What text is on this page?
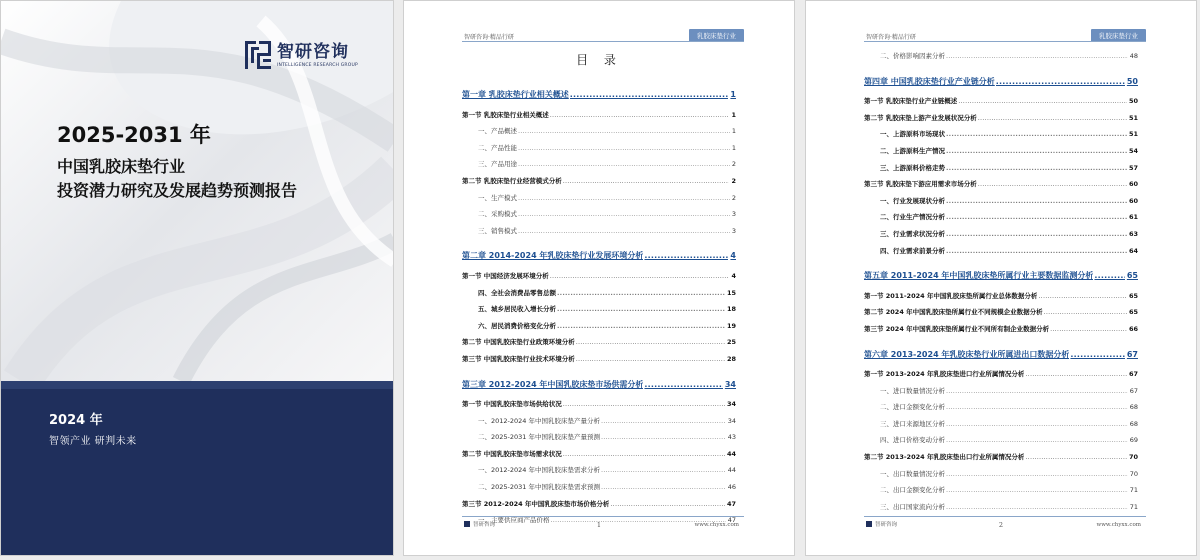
智研咨询
INTELLIGENCE RESEARCH GROUP
2025-2031 年
中国乳胶床垫行业
投资潜力研究及发展趋势预测报告
2024 年
智领产业 研判未来
智研咨询·精品行研	乳胶床垫行业
目 录
第一章 乳胶床垫行业相关概述 .....	1
第一节 乳胶床垫行业相关概述 .....	1
一、产品概述 .....	1
二、产品性能 .....	1
三、产品用途 .....	2
第二节 乳胶床垫行业经营模式分析 .....	2
一、生产模式 .....	2
二、采购模式 .....	3
三、销售模式 .....	3
第二章 2014-2024 年乳胶床垫行业发展环境分析 .....	4
第一节 中国经济发展环境分析 .....	4
四、全社会消费品零售总额 .....	15
五、城乡居民收入增长分析 .....	18
六、居民消费价格变化分析 .....	19
第二节 中国乳胶床垫行业政策环境分析 .....	25
第三节 中国乳胶床垫行业技术环境分析 .....	28
第三章 2012-2024 年中国乳胶床垫市场供需分析 .....	34
第一节 中国乳胶床垫市场供给状况 .....	34
一、2012-2024 年中国乳胶床垫产量分析 .....	34
二、2025-2031 年中国乳胶床垫产量预测 .....	43
第二节 中国乳胶床垫市场需求状况 .....	44
一、2012-2024 年中国乳胶床垫需求分析 .....	44
二、2025-2031 年中国乳胶床垫需求预测 .....	46
第三节 2012-2024 年中国乳胶床垫市场价格分析 .....	47
一、主要供应商产品价格 .....	47
智研咨询	1	www.chyxx.com
智研咨询·精品行研	乳胶床垫行业
二、价格影响因素分析 .....	48
第四章 中国乳胶床垫行业产业链分析 .....	50
第一节 乳胶床垫行业产业链概述 .....	50
第二节 乳胶床垫上游产业发展状况分析 .....	51
一、上游原料市场现状 .....	51
二、上游原料生产情况 .....	54
三、上游原料价格走势 .....	57
第三节 乳胶床垫下游应用需求市场分析 .....	60
一、行业发展现状分析 .....	60
二、行业生产情况分析 .....	61
三、行业需求状况分析 .....	63
四、行业需求前景分析 .....	64
第五章 2011-2024 年中国乳胶床垫所属行业主要数据监测分析 .....	65
第一节 2011-2024 年中国乳胶床垫所属行业总体数据分析 .....	65
第二节 2024 年中国乳胶床垫所属行业不同规模企业数据分析 .....	65
第三节 2024 年中国乳胶床垫所属行业不同所有制企业数据分析 .....	66
第六章 2013-2024 年乳胶床垫行业所属进出口数据分析 .....	67
第一节 2013-2024 年乳胶床垫进口行业所属情况分析 .....	67
一、进口数量情况分析 .....	67
二、进口金额变化分析 .....	68
三、进口来源地区分析 .....	68
四、进口价格变动分析 .....	69
第二节 2013-2024 年乳胶床垫出口行业所属情况分析 .....	70
一、出口数量情况分析 .....	70
二、出口金额变化分析 .....	71
三、出口国家流向分析 .....	71
智研咨询	2	www.chyxx.com
